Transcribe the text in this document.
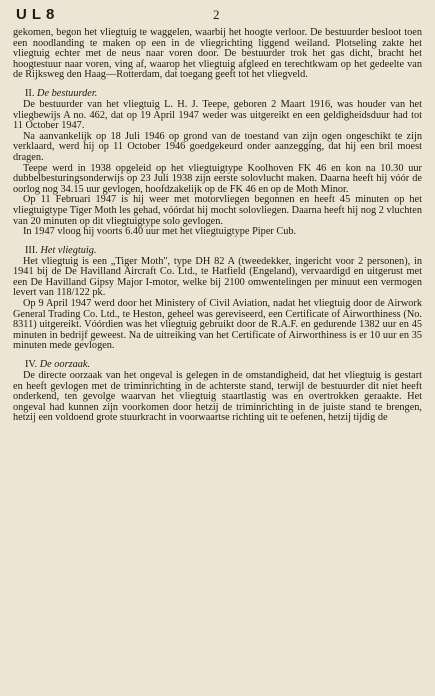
UL8	2

gekomen, begon het vliegtuig te waggelen, waarbij het hoogte verloor. De bestuurder besloot toen een noodlanding te maken op een in de vliegrichting liggend weiland. Plotseling zakte het vliegtuig echter met de neus naar voren door. De bestuurder trok het gas dicht, bracht het hoogtestuur naar voren, ving af, waarop het vliegtuig afgleed en terechtkwam op het gedeelte van de Rijksweg den Haag—Rotterdam, dat toegang geeft tot het vliegveld.

II. De bestuurder.

De bestuurder van het vliegtuig L. H. J. Teepe, geboren 2 Maart 1916, was houder van het vliegbewijs A no. 462, dat op 19 April 1947 weder was uitgereikt en een geldigheidsduur had tot 11 October 1947.

Na aanvankelijk op 18 Juli 1946 op grond van de toestand van zijn ogen ongeschikt te zijn verklaard, werd hij op 11 October 1946 goedgekeurd onder aanzegging, dat hij een bril moest dragen.

Teepe werd in 1938 opgeleid op het vliegtuigtype Koolhoven FK 46 en kon na 10.30 uur dubbelbesturingsonderwijs op 23 Juli 1938 zijn eerste solovlucht maken. Daarna heeft hij vóór de oorlog nog 34.15 uur gevlogen, hoofdzakelijk op de FK 46 en op de Moth Minor.

Op 11 Februari 1947 is hij weer met motorvliegen begonnen en heeft 45 minuten op het vliegtuigtype Tiger Moth les gehad, vóórdat hij mocht solovliegen. Daarna heeft hij nog 2 vluchten van 20 minuten op dit vliegtuigtype solo gevlogen.

In 1947 vloog hij voorts 6.40 uur met het vliegtuigtype Piper Cub.

III. Het vliegtuig.

Het vliegtuig is een „Tiger Moth", type DH 82 A (tweedekker, ingericht voor 2 personen), in 1941 bij de De Havilland Aircraft Co. Ltd., te Hatfield (Engeland), vervaardigd en uitgerust met een De Havilland Gipsy Major I-motor, welke bij 2100 omwentelingen per minuut een vermogen levert van 118/122 pk.

Op 9 April 1947 werd door het Ministery of Civil Aviation, nadat het vliegtuig door de Airwork General Trading Co. Ltd., te Heston, geheel was gereviseerd, een Certificate of Airworthiness (No. 8311) uitgereikt. Vóórdien was het vliegtuig gebruikt door de R.A.F. en gedurende 1382 uur en 45 minuten in bedrijf geweest. Na de uitreiking van het Certificate of Airworthiness is er 10 uur en 35 minuten mede gevlogen.

IV. De oorzaak.

De directe oorzaak van het ongeval is gelegen in de omstandigheid, dat het vliegtuig is gestart en heeft gevlogen met de triminrichting in de achterste stand, terwijl de bestuurder dit niet heeft onderkend, ten gevolge waarvan het vliegtuig staartlastig was en overtrokken geraakte. Het ongeval had kunnen zijn voorkomen door hetzij de triminrichting in de juiste stand te brengen, hetzij een voldoend grote stuurkracht in voorwaartse richting uit te oefenen, hetzij tijdig de
